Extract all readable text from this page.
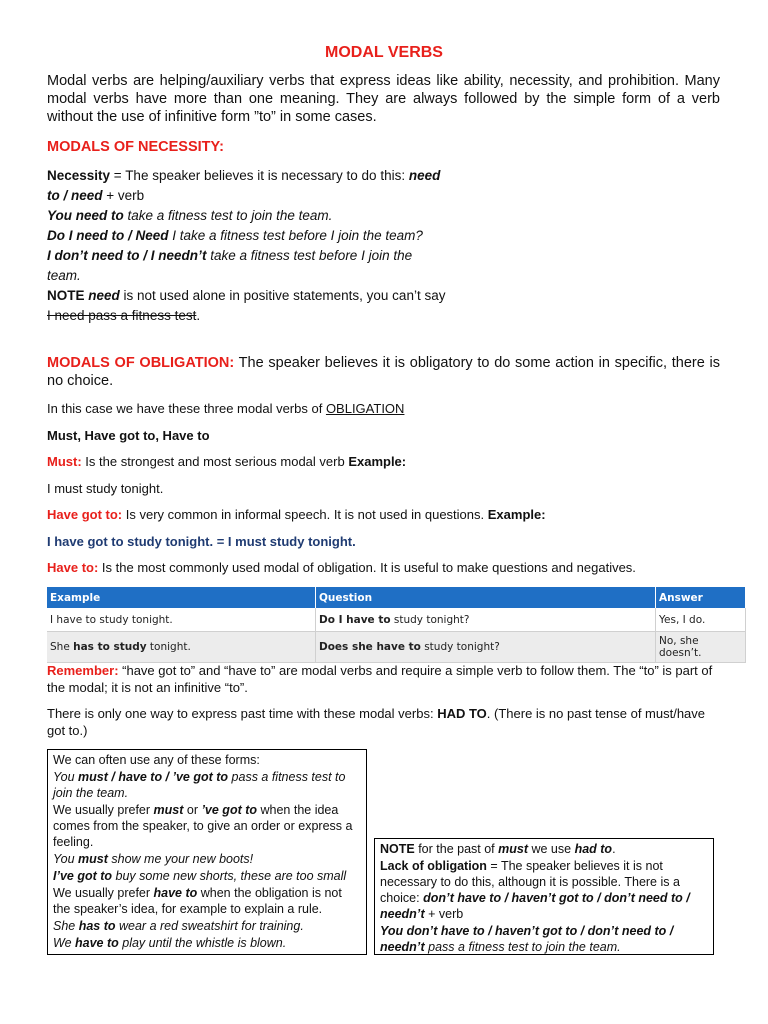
MODAL VERBS
Modal verbs are helping/auxiliary verbs that express ideas like ability, necessity, and prohibition. Many modal verbs have more than one meaning. They are always followed by the simple form of a verb without the use of infinitive form ”to” in some cases.
MODALS OF NECESSITY:
Necessity = The speaker believes it is necessary to do this: need to / need + verb
You need to take a fitness test to join the team.
Do I need to / Need I take a fitness test before I join the team?
I don’t need to / I needn’t take a fitness test before I join the team.
NOTE need is not used alone in positive statements, you can’t say I need pass a fitness test.
MODALS OF OBLIGATION: The speaker believes it is obligatory to do some action in specific, there is no choice.
In this case we have these three modal verbs of OBLIGATION
Must, Have got to, Have to
Must: Is the strongest and most serious modal verb Example:
I must study tonight.
Have got to: Is very common in informal speech. It is not used in questions. Example:
I have got to study tonight. = I must study tonight.
Have to: Is the most commonly used modal of obligation. It is useful to make questions and negatives.
Example	Question	Answer
I have to study tonight.	Do I have to study tonight?	Yes, I do.
She has to study tonight.	Does she have to study tonight?	No, she doesn’t.
Remember: “have got to” and “have to” are modal verbs and require a simple verb to follow them. The “to” is part of the modal; it is not an infinitive “to”.
There is only one way to express past time with these modal verbs: HAD TO. (There is no past tense of must/have got to.)
We can often use any of these forms:
You must / have to / ’ve got to pass a fitness test to join the team.
We usually prefer must or ’ve got to when the idea comes from the speaker, to give an order or express a feeling.
You must show me your new boots!
I’ve got to buy some new shorts, these are too small
We usually prefer have to when the obligation is not the speaker’s idea, for example to explain a rule.
She has to wear a red sweatshirt for training.
We have to play until the whistle is blown.
NOTE for the past of must we use had to.
Lack of obligation = The speaker believes it is not necessary to do this, althougn it is possible. There is a choice: don’t have to / haven’t got to / don’t need to / needn’t + verb
You don’t have to / haven’t got to / don’t need to / needn’t pass a fitness test to join the team.
